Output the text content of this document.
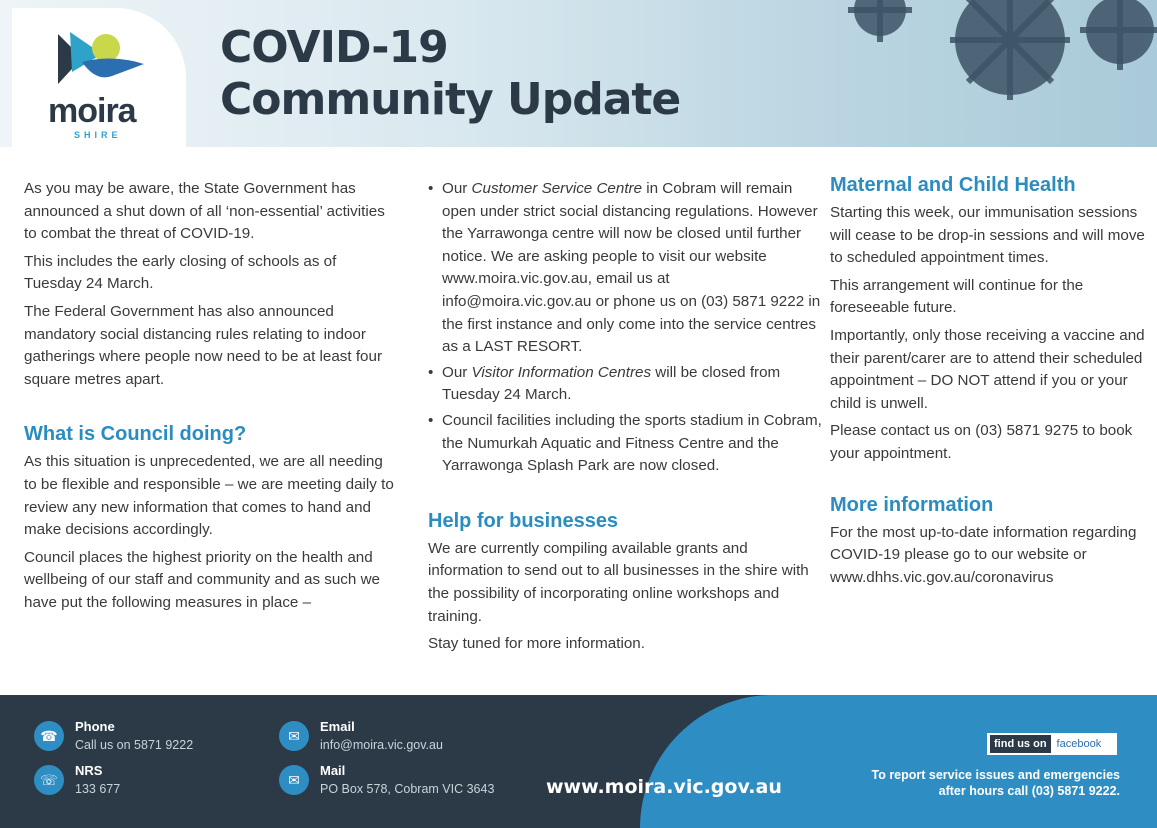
moira
SHIRE
COVID-19
Community Update

As you may be aware, the State Government has announced a shut down of all ‘non-essential’ activities to combat the threat of COVID-19.

This includes the early closing of schools as of Tuesday 24 March.

The Federal Government has also announced mandatory social distancing rules relating to indoor gatherings where people now need to be at least four square metres apart.

What is Council doing?

As this situation is unprecedented, we are all needing to be flexible and responsible – we are meeting daily to review any new information that comes to hand and make decisions accordingly.

Council places the highest priority on the health and wellbeing of our staff and community and as such we have put the following measures in place –

• Our Customer Service Centre in Cobram will remain open under strict social distancing regulations. However the Yarrawonga centre will now be closed until further notice. We are asking people to visit our website www.moira.vic.gov.au, email us at info@moira.vic.gov.au or phone us on (03) 5871 9222 in the first instance and only come into the service centres as a LAST RESORT.
• Our Visitor Information Centres will be closed from Tuesday 24 March.
• Council facilities including the sports stadium in Cobram, the Numurkah Aquatic and Fitness Centre and the Yarrawonga Splash Park are now closed.
Help for businesses

We are currently compiling available grants and information to send out to all businesses in the shire with the possibility of incorporating online workshops and training.

Stay tuned for more information.

Maternal and Child Health

Starting this week, our immunisation sessions will cease to be drop-in sessions and will move to scheduled appointment times.

This arrangement will continue for the foreseeable future.

Importantly, only those receiving a vaccine and their parent/carer are to attend their scheduled appointment – DO NOT attend if you or your child is unwell.

Please contact us on (03) 5871 9275 to book your appointment.

More information

For the most up-to-date information regarding COVID-19 please go to our website or www.dhhs.vic.gov.au/coronavirus

☎
Phone
Call us on 5871 9222
☏
NRS
133 677
✉
Email
info@moira.vic.gov.au
✉
Mail
PO Box 578, Cobram VIC 3643	www.moira.vic.gov.au
find us on facebook
To report service issues and emergencies
after hours call (03) 5871 9222.
